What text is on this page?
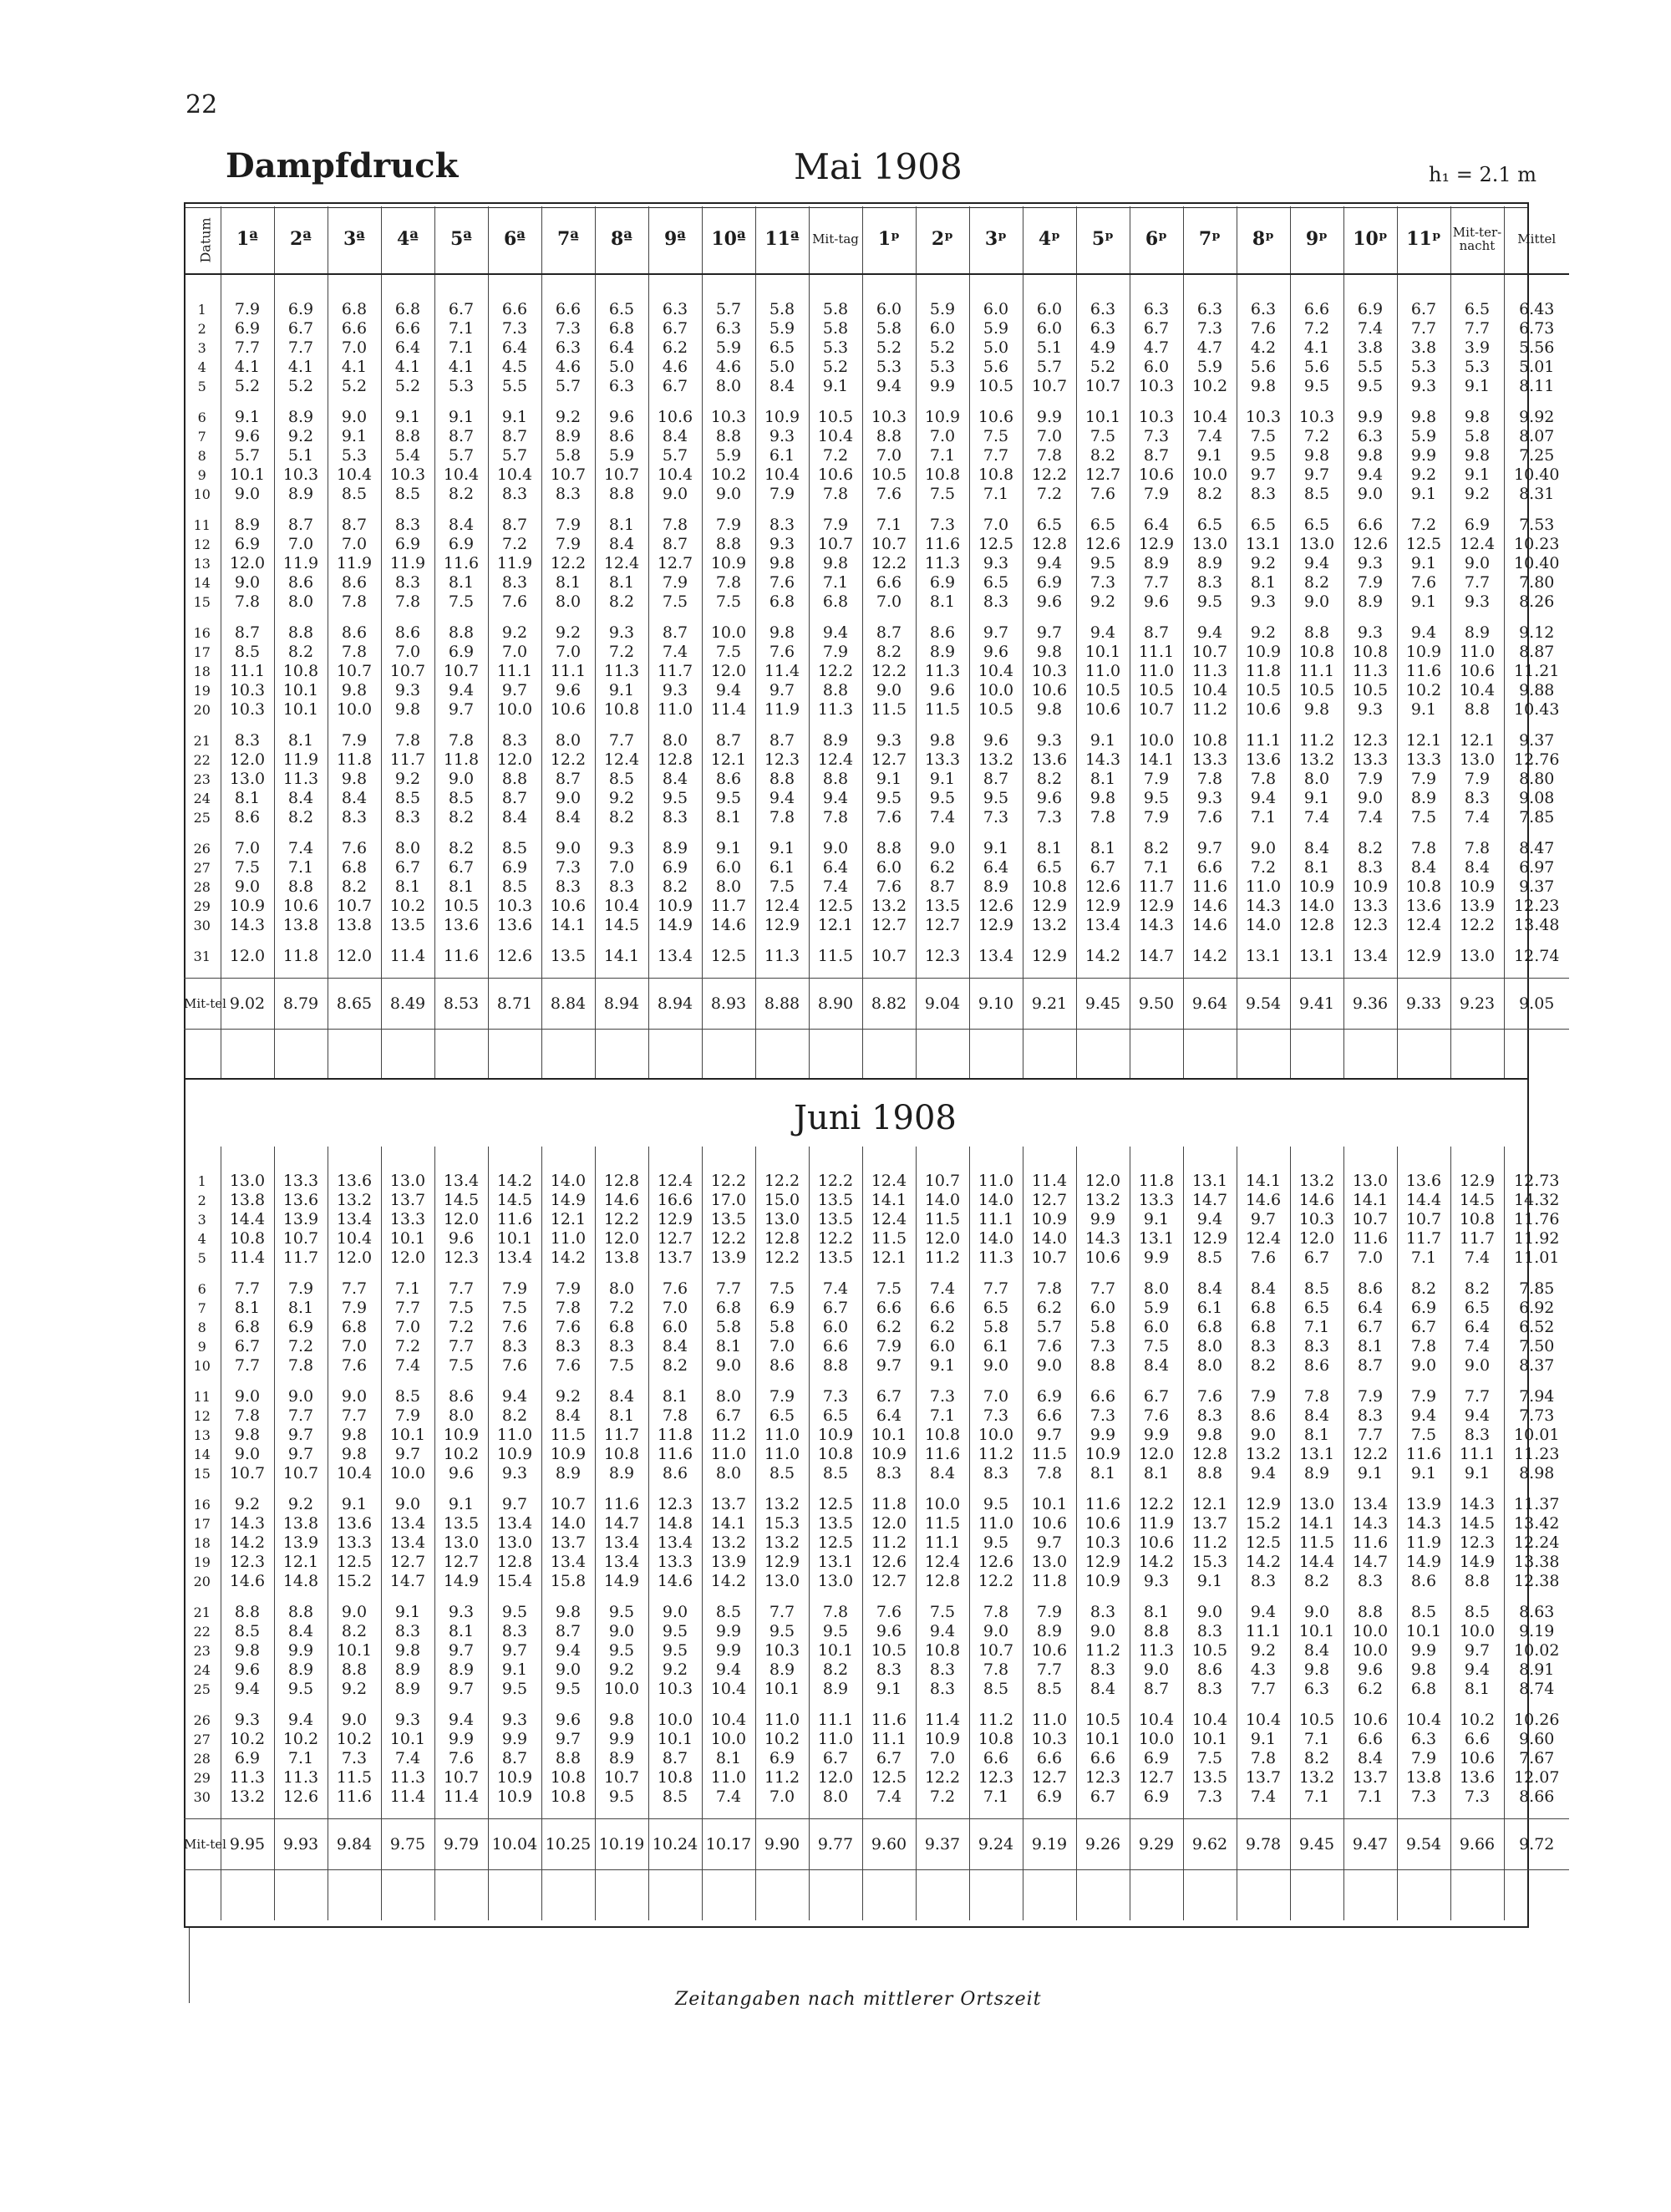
22
Dampfdruck	Mai 1908	h₁ = 2.1 m
Datum	1ª	2ª	3ª	4ª	5ª	6ª	7ª	8ª	9ª	10ª	11ª	Mit-tag	1ᵖ	2ᵖ	3ᵖ	4ᵖ	5ᵖ	6ᵖ	7ᵖ	8ᵖ	9ᵖ	10ᵖ	11ᵖ	Mit-ter-nacht	Mittel

1	7.9	6.9	6.8	6.8	6.7	6.6	6.6	6.5	6.3	5.7	5.8	5.8	6.0	5.9	6.0	6.0	6.3	6.3	6.3	6.3	6.6	6.9	6.7	6.5	6.43
2	6.9	6.7	6.6	6.6	7.1	7.3	7.3	6.8	6.7	6.3	5.9	5.8	5.8	6.0	5.9	6.0	6.3	6.7	7.3	7.6	7.2	7.4	7.7	7.7	6.73
3	7.7	7.7	7.0	6.4	7.1	6.4	6.3	6.4	6.2	5.9	6.5	5.3	5.2	5.2	5.0	5.1	4.9	4.7	4.7	4.2	4.1	3.8	3.8	3.9	5.56
4	4.1	4.1	4.1	4.1	4.1	4.5	4.6	5.0	4.6	4.6	5.0	5.2	5.3	5.3	5.6	5.7	5.2	6.0	5.9	5.6	5.6	5.5	5.3	5.3	5.01
5	5.2	5.2	5.2	5.2	5.3	5.5	5.7	6.3	6.7	8.0	8.4	9.1	9.4	9.9	10.5	10.7	10.7	10.3	10.2	9.8	9.5	9.5	9.3	9.1	8.11

6	9.1	8.9	9.0	9.1	9.1	9.1	9.2	9.6	10.6	10.3	10.9	10.5	10.3	10.9	10.6	9.9	10.1	10.3	10.4	10.3	10.3	9.9	9.8	9.8	9.92
7	9.6	9.2	9.1	8.8	8.7	8.7	8.9	8.6	8.4	8.8	9.3	10.4	8.8	7.0	7.5	7.0	7.5	7.3	7.4	7.5	7.2	6.3	5.9	5.8	8.07
8	5.7	5.1	5.3	5.4	5.7	5.7	5.8	5.9	5.7	5.9	6.1	7.2	7.0	7.1	7.7	7.8	8.2	8.7	9.1	9.5	9.8	9.8	9.9	9.8	7.25
9	10.1	10.3	10.4	10.3	10.4	10.4	10.7	10.7	10.4	10.2	10.4	10.6	10.5	10.8	10.8	12.2	12.7	10.6	10.0	9.7	9.7	9.4	9.2	9.1	10.40
10	9.0	8.9	8.5	8.5	8.2	8.3	8.3	8.8	9.0	9.0	7.9	7.8	7.6	7.5	7.1	7.2	7.6	7.9	8.2	8.3	8.5	9.0	9.1	9.2	8.31

11	8.9	8.7	8.7	8.3	8.4	8.7	7.9	8.1	7.8	7.9	8.3	7.9	7.1	7.3	7.0	6.5	6.5	6.4	6.5	6.5	6.5	6.6	7.2	6.9	7.53
12	6.9	7.0	7.0	6.9	6.9	7.2	7.9	8.4	8.7	8.8	9.3	10.7	10.7	11.6	12.5	12.8	12.6	12.9	13.0	13.1	13.0	12.6	12.5	12.4	10.23
13	12.0	11.9	11.9	11.9	11.6	11.9	12.2	12.4	12.7	10.9	9.8	9.8	12.2	11.3	9.3	9.4	9.5	8.9	8.9	9.2	9.4	9.3	9.1	9.0	10.40
14	9.0	8.6	8.6	8.3	8.1	8.3	8.1	8.1	7.9	7.8	7.6	7.1	6.6	6.9	6.5	6.9	7.3	7.7	8.3	8.1	8.2	7.9	7.6	7.7	7.80
15	7.8	8.0	7.8	7.8	7.5	7.6	8.0	8.2	7.5	7.5	6.8	6.8	7.0	8.1	8.3	9.6	9.2	9.6	9.5	9.3	9.0	8.9	9.1	9.3	8.26

16	8.7	8.8	8.6	8.6	8.8	9.2	9.2	9.3	8.7	10.0	9.8	9.4	8.7	8.6	9.7	9.7	9.4	8.7	9.4	9.2	8.8	9.3	9.4	8.9	9.12
17	8.5	8.2	7.8	7.0	6.9	7.0	7.0	7.2	7.4	7.5	7.6	7.9	8.2	8.9	9.6	9.8	10.1	11.1	10.7	10.9	10.8	10.8	10.9	11.0	8.87
18	11.1	10.8	10.7	10.7	10.7	11.1	11.1	11.3	11.7	12.0	11.4	12.2	12.2	11.3	10.4	10.3	11.0	11.0	11.3	11.8	11.1	11.3	11.6	10.6	11.21
19	10.3	10.1	9.8	9.3	9.4	9.7	9.6	9.1	9.3	9.4	9.7	8.8	9.0	9.6	10.0	10.6	10.5	10.5	10.4	10.5	10.5	10.5	10.2	10.4	9.88
20	10.3	10.1	10.0	9.8	9.7	10.0	10.6	10.8	11.0	11.4	11.9	11.3	11.5	11.5	10.5	9.8	10.6	10.7	11.2	10.6	9.8	9.3	9.1	8.8	10.43

21	8.3	8.1	7.9	7.8	7.8	8.3	8.0	7.7	8.0	8.7	8.7	8.9	9.3	9.8	9.6	9.3	9.1	10.0	10.8	11.1	11.2	12.3	12.1	12.1	9.37
22	12.0	11.9	11.8	11.7	11.8	12.0	12.2	12.4	12.8	12.1	12.3	12.4	12.7	13.3	13.2	13.6	14.3	14.1	13.3	13.6	13.2	13.3	13.3	13.0	12.76
23	13.0	11.3	9.8	9.2	9.0	8.8	8.7	8.5	8.4	8.6	8.8	8.8	9.1	9.1	8.7	8.2	8.1	7.9	7.8	7.8	8.0	7.9	7.9	7.9	8.80
24	8.1	8.4	8.4	8.5	8.5	8.7	9.0	9.2	9.5	9.5	9.4	9.4	9.5	9.5	9.5	9.6	9.8	9.5	9.3	9.4	9.1	9.0	8.9	8.3	9.08
25	8.6	8.2	8.3	8.3	8.2	8.4	8.4	8.2	8.3	8.1	7.8	7.8	7.6	7.4	7.3	7.3	7.8	7.9	7.6	7.1	7.4	7.4	7.5	7.4	7.85

26	7.0	7.4	7.6	8.0	8.2	8.5	9.0	9.3	8.9	9.1	9.1	9.0	8.8	9.0	9.1	8.1	8.1	8.2	9.7	9.0	8.4	8.2	7.8	7.8	8.47
27	7.5	7.1	6.8	6.7	6.7	6.9	7.3	7.0	6.9	6.0	6.1	6.4	6.0	6.2	6.4	6.5	6.7	7.1	6.6	7.2	8.1	8.3	8.4	8.4	6.97
28	9.0	8.8	8.2	8.1	8.1	8.5	8.3	8.3	8.2	8.0	7.5	7.4	7.6	8.7	8.9	10.8	12.6	11.7	11.6	11.0	10.9	10.9	10.8	10.9	9.37
29	10.9	10.6	10.7	10.2	10.5	10.3	10.6	10.4	10.9	11.7	12.4	12.5	13.2	13.5	12.6	12.9	12.9	12.9	14.6	14.3	14.0	13.3	13.6	13.9	12.23
30	14.3	13.8	13.8	13.5	13.6	13.6	14.1	14.5	14.9	14.6	12.9	12.1	12.7	12.7	12.9	13.2	13.4	14.3	14.6	14.0	12.8	12.3	12.4	12.2	13.48

31	12.0	11.8	12.0	11.4	11.6	12.6	13.5	14.1	13.4	12.5	11.3	11.5	10.7	12.3	13.4	12.9	14.2	14.7	14.2	13.1	13.1	13.4	12.9	13.0	12.74

Mit-tel	9.02	8.79	8.65	8.49	8.53	8.71	8.84	8.94	8.94	8.93	8.88	8.90	8.82	9.04	9.10	9.21	9.45	9.50	9.64	9.54	9.41	9.36	9.33	9.23	9.05

Juni 1908

1	13.0	13.3	13.6	13.0	13.4	14.2	14.0	12.8	12.4	12.2	12.2	12.2	12.4	10.7	11.0	11.4	12.0	11.8	13.1	14.1	13.2	13.0	13.6	12.9	12.73
2	13.8	13.6	13.2	13.7	14.5	14.5	14.9	14.6	16.6	17.0	15.0	13.5	14.1	14.0	14.0	12.7	13.2	13.3	14.7	14.6	14.6	14.1	14.4	14.5	14.32
3	14.4	13.9	13.4	13.3	12.0	11.6	12.1	12.2	12.9	13.5	13.0	13.5	12.4	11.5	11.1	10.9	9.9	9.1	9.4	9.7	10.3	10.7	10.7	10.8	11.76
4	10.8	10.7	10.4	10.1	9.6	10.1	11.0	12.0	12.7	12.2	12.8	12.2	11.5	12.0	14.0	14.0	14.3	13.1	12.9	12.4	12.0	11.6	11.7	11.7	11.92
5	11.4	11.7	12.0	12.0	12.3	13.4	14.2	13.8	13.7	13.9	12.2	13.5	12.1	11.2	11.3	10.7	10.6	9.9	8.5	7.6	6.7	7.0	7.1	7.4	11.01

6	7.7	7.9	7.7	7.1	7.7	7.9	7.9	8.0	7.6	7.7	7.5	7.4	7.5	7.4	7.7	7.8	7.7	8.0	8.4	8.4	8.5	8.6	8.2	8.2	7.85
7	8.1	8.1	7.9	7.7	7.5	7.5	7.8	7.2	7.0	6.8	6.9	6.7	6.6	6.6	6.5	6.2	6.0	5.9	6.1	6.8	6.5	6.4	6.9	6.5	6.92
8	6.8	6.9	6.8	7.0	7.2	7.6	7.6	6.8	6.0	5.8	5.8	6.0	6.2	6.2	5.8	5.7	5.8	6.0	6.8	6.8	7.1	6.7	6.7	6.4	6.52
9	6.7	7.2	7.0	7.2	7.7	8.3	8.3	8.3	8.4	8.1	7.0	6.6	7.9	6.0	6.1	7.6	7.3	7.5	8.0	8.3	8.3	8.1	7.8	7.4	7.50
10	7.7	7.8	7.6	7.4	7.5	7.6	7.6	7.5	8.2	9.0	8.6	8.8	9.7	9.1	9.0	9.0	8.8	8.4	8.0	8.2	8.6	8.7	9.0	9.0	8.37

11	9.0	9.0	9.0	8.5	8.6	9.4	9.2	8.4	8.1	8.0	7.9	7.3	6.7	7.3	7.0	6.9	6.6	6.7	7.6	7.9	7.8	7.9	7.9	7.7	7.94
12	7.8	7.7	7.7	7.9	8.0	8.2	8.4	8.1	7.8	6.7	6.5	6.5	6.4	7.1	7.3	6.6	7.3	7.6	8.3	8.6	8.4	8.3	9.4	9.4	7.73
13	9.8	9.7	9.8	10.1	10.9	11.0	11.5	11.7	11.8	11.2	11.0	10.9	10.1	10.8	10.0	9.7	9.9	9.9	9.8	9.0	8.1	7.7	7.5	8.3	10.01
14	9.0	9.7	9.8	9.7	10.2	10.9	10.9	10.8	11.6	11.0	11.0	10.8	10.9	11.6	11.2	11.5	10.9	12.0	12.8	13.2	13.1	12.2	11.6	11.1	11.23
15	10.7	10.7	10.4	10.0	9.6	9.3	8.9	8.9	8.6	8.0	8.5	8.5	8.3	8.4	8.3	7.8	8.1	8.1	8.8	9.4	8.9	9.1	9.1	9.1	8.98

16	9.2	9.2	9.1	9.0	9.1	9.7	10.7	11.6	12.3	13.7	13.2	12.5	11.8	10.0	9.5	10.1	11.6	12.2	12.1	12.9	13.0	13.4	13.9	14.3	11.37
17	14.3	13.8	13.6	13.4	13.5	13.4	14.0	14.7	14.8	14.1	15.3	13.5	12.0	11.5	11.0	10.6	10.6	11.9	13.7	15.2	14.1	14.3	14.3	14.5	13.42
18	14.2	13.9	13.3	13.4	13.0	13.0	13.7	13.4	13.4	13.2	13.2	12.5	11.2	11.1	9.5	9.7	10.3	10.6	11.2	12.5	11.5	11.6	11.9	12.3	12.24
19	12.3	12.1	12.5	12.7	12.7	12.8	13.4	13.4	13.3	13.9	12.9	13.1	12.6	12.4	12.6	13.0	12.9	14.2	15.3	14.2	14.4	14.7	14.9	14.9	13.38
20	14.6	14.8	15.2	14.7	14.9	15.4	15.8	14.9	14.6	14.2	13.0	13.0	12.7	12.8	12.2	11.8	10.9	9.3	9.1	8.3	8.2	8.3	8.6	8.8	12.38

21	8.8	8.8	9.0	9.1	9.3	9.5	9.8	9.5	9.0	8.5	7.7	7.8	7.6	7.5	7.8	7.9	8.3	8.1	9.0	9.4	9.0	8.8	8.5	8.5	8.63
22	8.5	8.4	8.2	8.3	8.1	8.3	8.7	9.0	9.5	9.9	9.5	9.5	9.6	9.4	9.0	8.9	9.0	8.8	8.3	11.1	10.1	10.0	10.1	10.0	9.19
23	9.8	9.9	10.1	9.8	9.7	9.7	9.4	9.5	9.5	9.9	10.3	10.1	10.5	10.8	10.7	10.6	11.2	11.3	10.5	9.2	8.4	10.0	9.9	9.7	10.02
24	9.6	8.9	8.8	8.9	8.9	9.1	9.0	9.2	9.2	9.4	8.9	8.2	8.3	8.3	7.8	7.7	8.3	9.0	8.6	4.3	9.8	9.6	9.8	9.4	8.91
25	9.4	9.5	9.2	8.9	9.7	9.5	9.5	10.0	10.3	10.4	10.1	8.9	9.1	8.3	8.5	8.5	8.4	8.7	8.3	7.7	6.3	6.2	6.8	8.1	8.74

26	9.3	9.4	9.0	9.3	9.4	9.3	9.6	9.8	10.0	10.4	11.0	11.1	11.6	11.4	11.2	11.0	10.5	10.4	10.4	10.4	10.5	10.6	10.4	10.2	10.26
27	10.2	10.2	10.2	10.1	9.9	9.9	9.7	9.9	10.1	10.0	10.2	11.0	11.1	10.9	10.8	10.3	10.1	10.0	10.1	9.1	7.1	6.6	6.3	6.6	9.60
28	6.9	7.1	7.3	7.4	7.6	8.7	8.8	8.9	8.7	8.1	6.9	6.7	6.7	7.0	6.6	6.6	6.6	6.9	7.5	7.8	8.2	8.4	7.9	10.6	7.67
29	11.3	11.3	11.5	11.3	10.7	10.9	10.8	10.7	10.8	11.0	11.2	12.0	12.5	12.2	12.3	12.7	12.3	12.7	13.5	13.7	13.2	13.7	13.8	13.6	12.07
30	13.2	12.6	11.6	11.4	11.4	10.9	10.8	9.5	8.5	7.4	7.0	8.0	7.4	7.2	7.1	6.9	6.7	6.9	7.3	7.4	7.1	7.1	7.3	7.3	8.66

Mit-tel	9.95	9.93	9.84	9.75	9.79	10.04	10.25	10.19	10.24	10.17	9.90	9.77	9.60	9.37	9.24	9.19	9.26	9.29	9.62	9.78	9.45	9.47	9.54	9.66	9.72

Zeitangaben nach mittlerer Ortszeit
